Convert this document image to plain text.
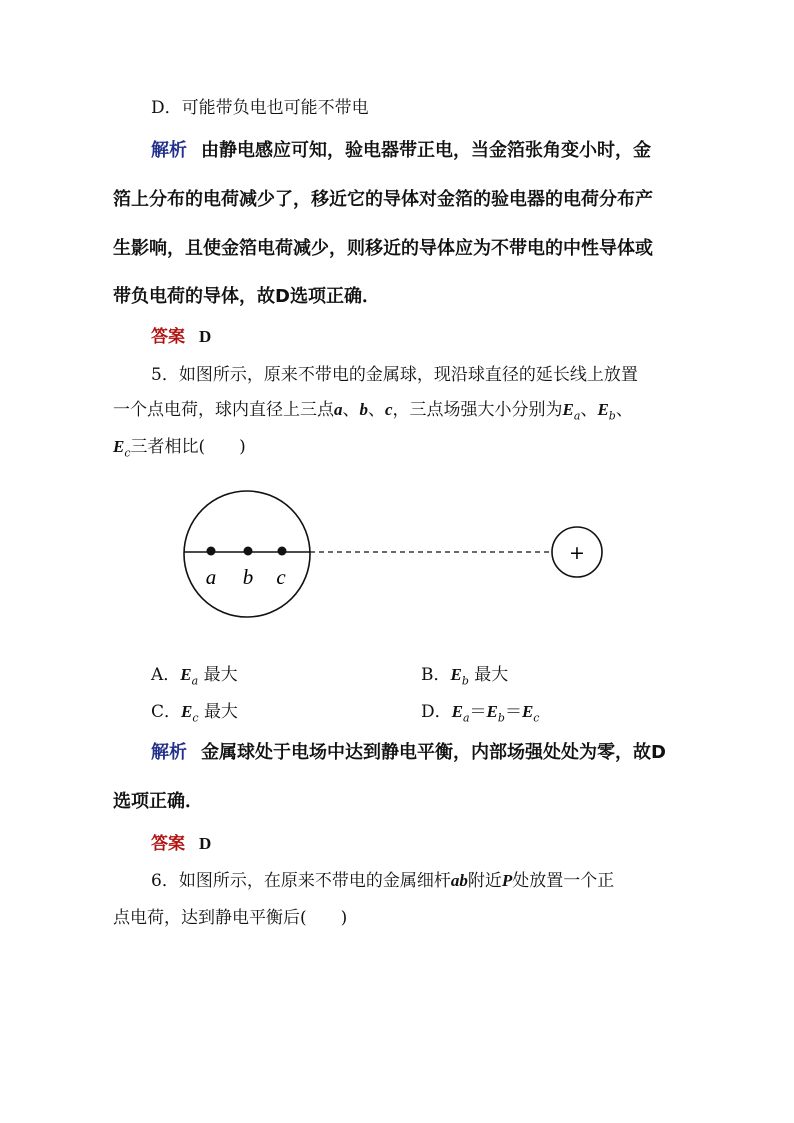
D．可能带负电也可能不带电
解析 由静电感应可知，验电器带正电，当金箔张角变小时，金
箔上分布的电荷减少了，移近它的导体对金箔的验电器的电荷分布产
生影响，且使金箔电荷减少，则移近的导体应为不带电的中性导体或
带负电荷的导体，故D选项正确．
答案 D
5．如图所示，原来不带电的金属球，现沿球直径的延长线上放置
一个点电荷，球内直径上三点a、b、c，三点场强大小分别为$E_a$、$E_b$、
$E_c$三者相比(　　)
a b c
+
A．$E_a$ 最大	B．$E_b$ 最大
C．$E_c$ 最大	D．$E_a=E_b=E_c$
解析 金属球处于电场中达到静电平衡，内部场强处处为零，故D
选项正确．
答案 D
6．如图所示，在原来不带电的金属细杆ab附近P处放置一个正
点电荷，达到静电平衡后(　　)
